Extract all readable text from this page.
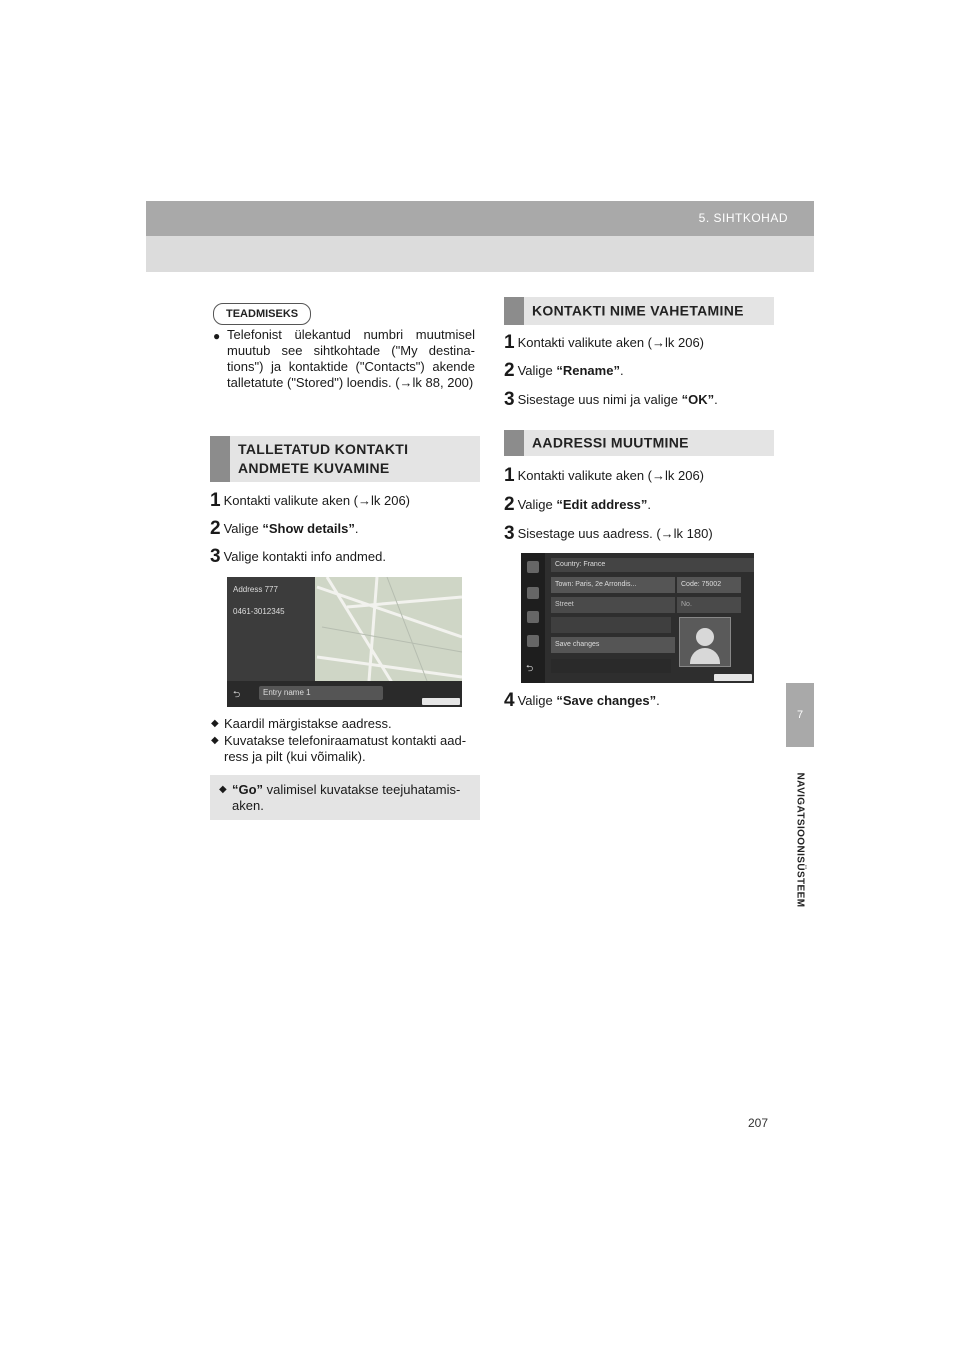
5. SIHTKOHAD
7
NAVIGATSIOONISÜSTEEM
TEADMISEKS
● Telefonist ülekantud numbri muutmisel muutub see sihtkohtade ("My destina-tions") ja kontaktide ("Contacts") akende talletatute ("Stored") loendis. (→lk 88, 200)

TALLETATUD KONTAKTI
ANDMETE KUVAMINE
1 Kontakti valikute aken (→lk 206)
2 Valige “Show details”.
3 Valige kontakti info andmed.
Address 777
0461-3012345
⮌	Entry name 1
◆ Kaardil märgistakse aadress.

◆ Kuvatakse telefoniraamatust kontakti aad-ress ja pilt (kui võimalik).

◆ “Go” valimisel kuvatakse teejuhatamis-aken.

KONTAKTI NIME VAHETAMINE
1 Kontakti valikute aken (→lk 206)
2 Valige “Rename”.
3 Sisestage uus nimi ja valige “OK”.
AADRESSI MUUTMINE
1 Kontakti valikute aken (→lk 206)
2 Valige “Edit address”.
3 Sisestage uus aadress. (→lk 180)
⮌
Country: France
Town: Paris, 2e Arrondis...	Code: 75002
Street	No.
Save changes
4 Valige “Save changes”.
207
